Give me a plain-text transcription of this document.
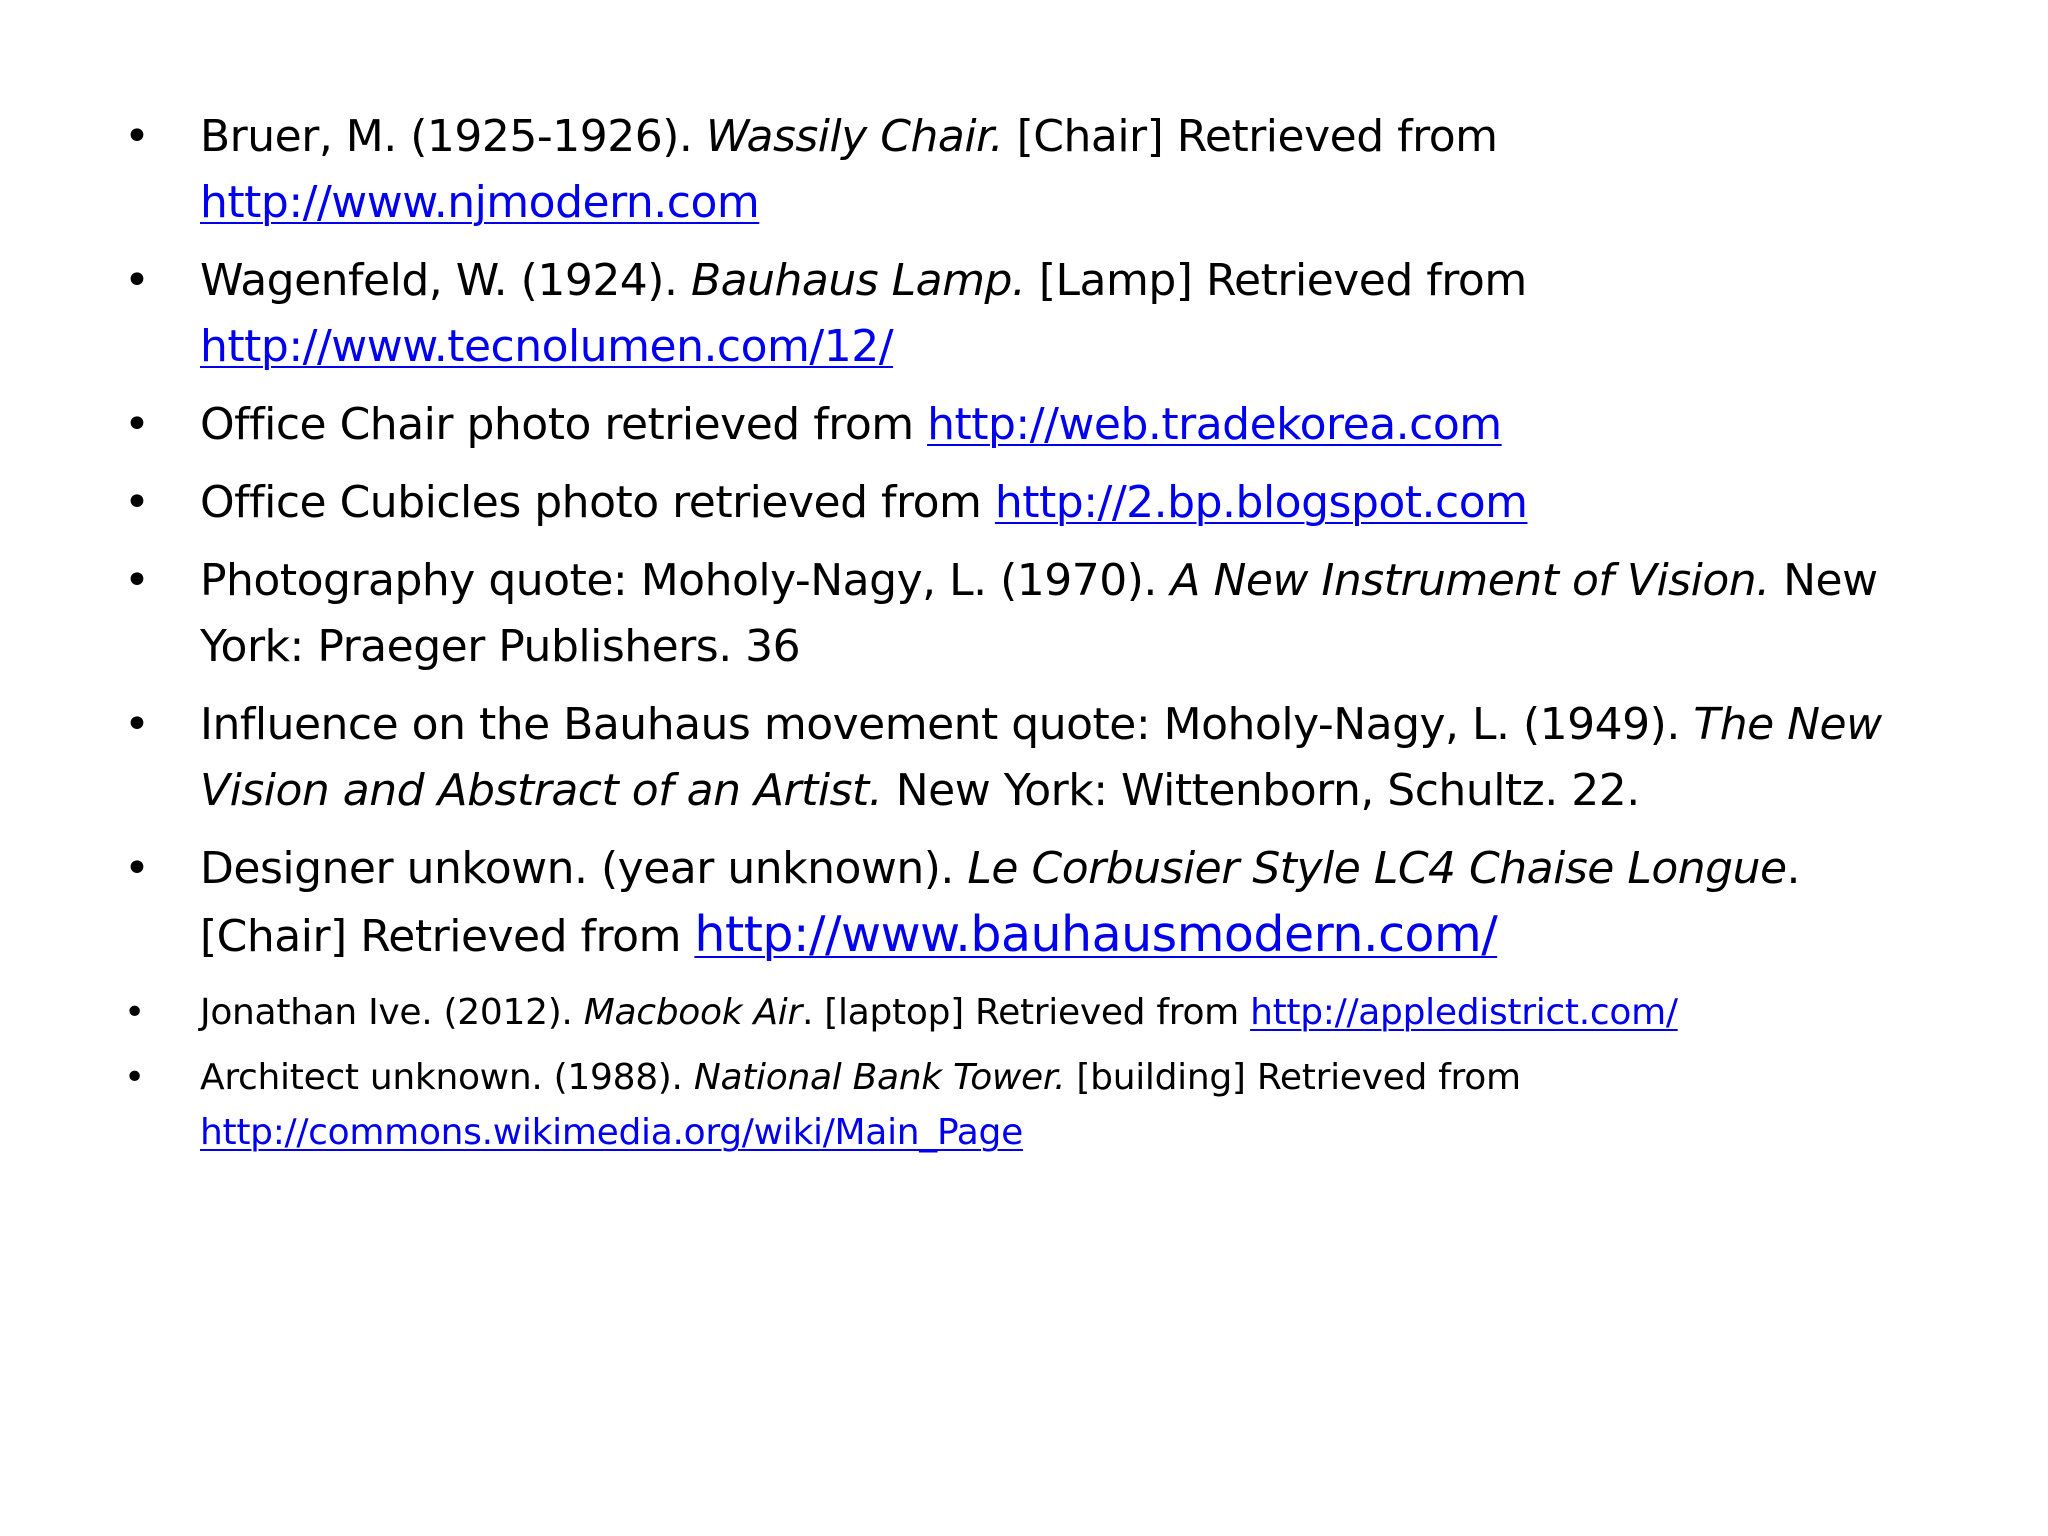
• Bruer, M. (1925-1926). Wassily Chair. [Chair] Retrieved from
http://www.njmodern.com
• Wagenfeld, W. (1924). Bauhaus Lamp. [Lamp] Retrieved from
http://www.tecnolumen.com/12/
• Office Chair photo retrieved from http://web.tradekorea.com
• Office Cubicles photo retrieved from http://2.bp.blogspot.com
• Photography quote: Moholy-Nagy, L. (1970). A New Instrument of Vision. New
York: Praeger Publishers. 36
• Influence on the Bauhaus movement quote: Moholy-Nagy, L. (1949). The New
Vision and Abstract of an Artist. New York: Wittenborn, Schultz. 22.
• Designer unkown. (year unknown). Le Corbusier Style LC4 Chaise Longue.
[Chair] Retrieved from http://www.bauhausmodern.com/
• Jonathan Ive. (2012). Macbook Air. [laptop] Retrieved from http://appledistrict.com/
• Architect unknown. (1988). National Bank Tower. [building] Retrieved from
http://commons.wikimedia.org/wiki/Main_Page
